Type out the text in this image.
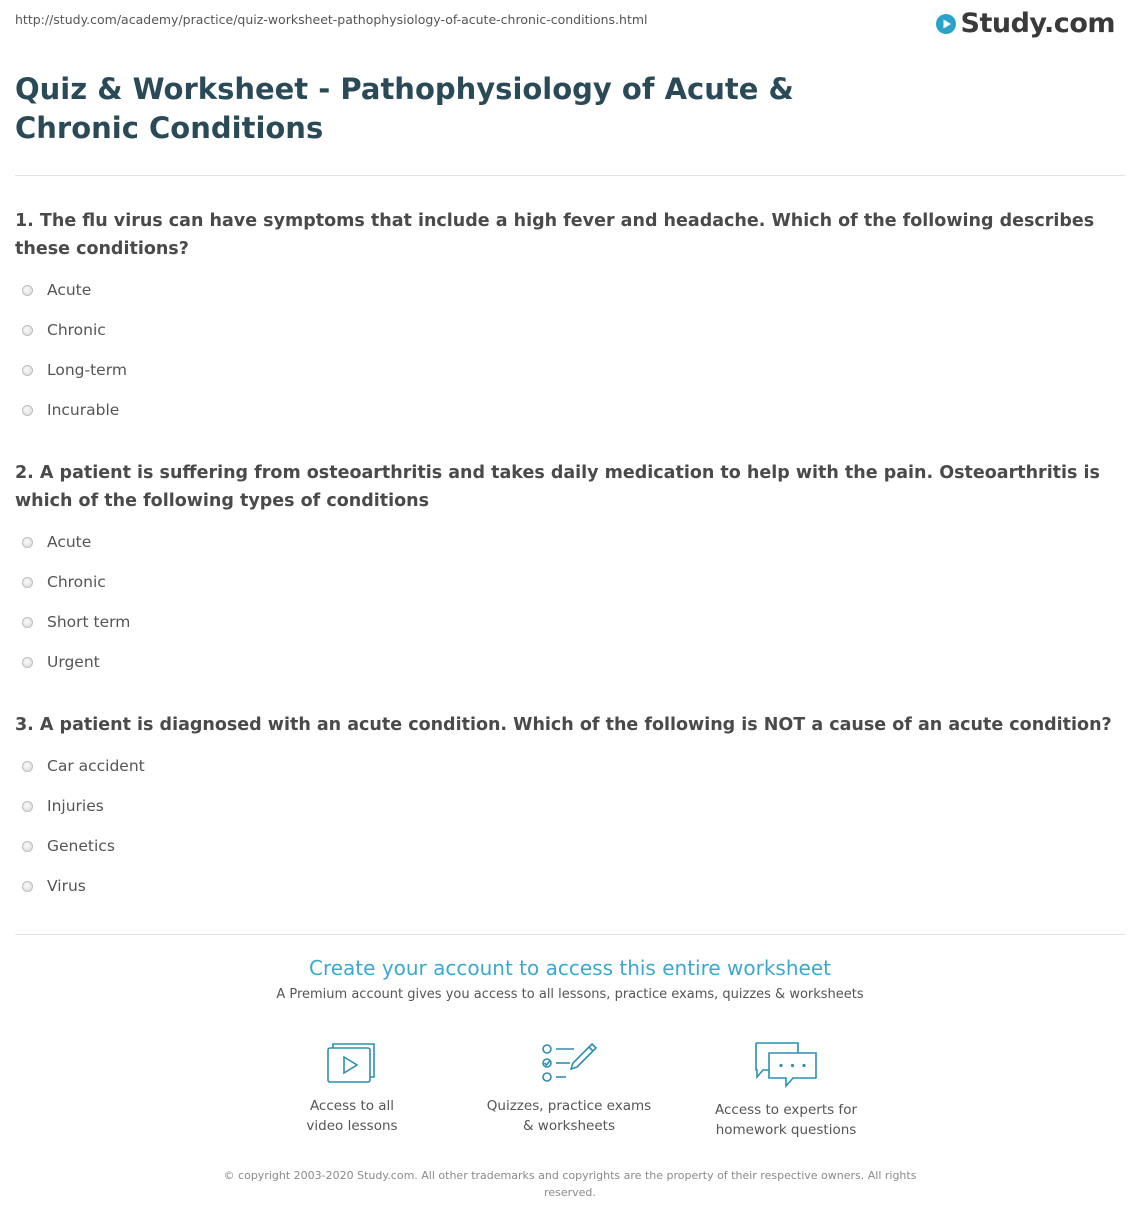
http://study.com/academy/practice/quiz-worksheet-pathophysiology-of-acute-chronic-conditions.html	Study.com
Quiz & Worksheet - Pathophysiology of Acute & Chronic Conditions

1. The flu virus can have symptoms that include a high fever and headache. Which of the following describes these conditions?

Acute
Chronic
Long-term
Incurable

2. A patient is suffering from osteoarthritis and takes daily medication to help with the pain. Osteoarthritis is which of the following types of conditions

Acute
Chronic
Short term
Urgent

3. A patient is diagnosed with an acute condition. Which of the following is NOT a cause of an acute condition?

Car accident
Injuries
Genetics
Virus
Create your account to access this entire worksheet
A Premium account gives you access to all lessons, practice exams, quizzes & worksheets
Access to all
video lessons
Quizzes, practice exams
& worksheets
Access to experts for
homework questions
© copyright 2003-2020 Study.com. All other trademarks and copyrights are the property of their respective owners. All rights reserved.
